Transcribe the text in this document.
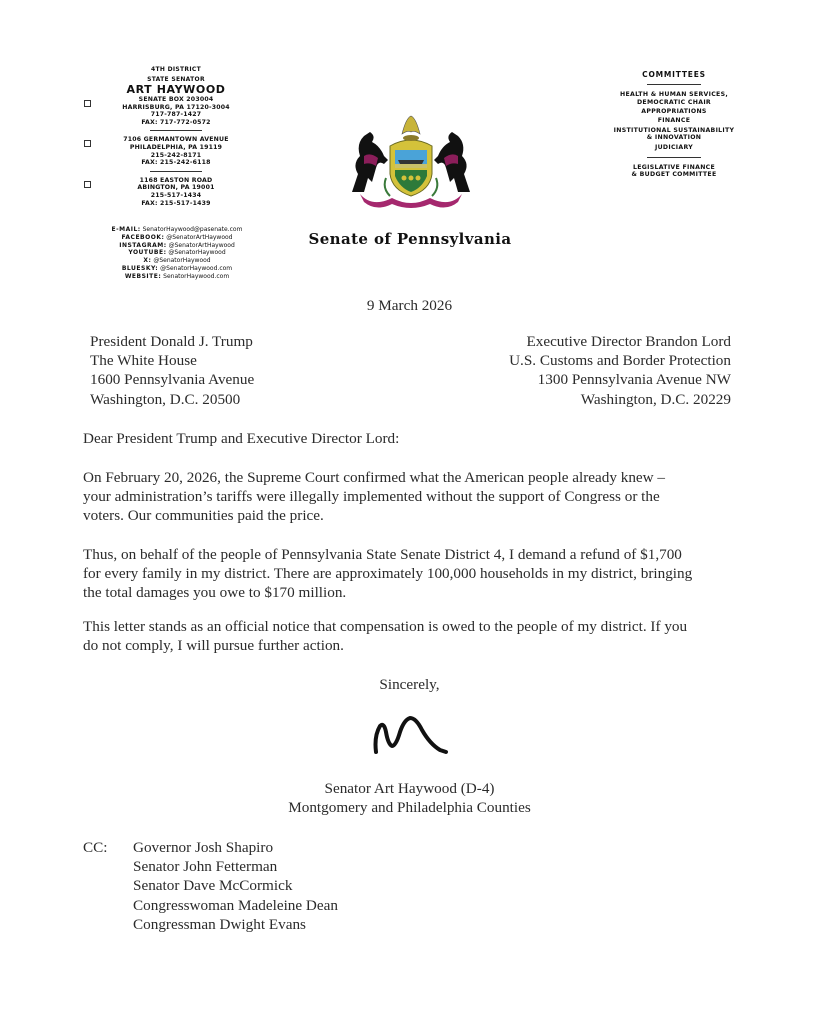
4TH DISTRICT
STATE SENATOR
ART HAYWOOD
SENATE BOX 203004
HARRISBURG, PA 17120-3004
717-787-1427
FAX: 717-772-0572
7106 GERMANTOWN AVENUE
PHILADELPHIA, PA 19119
215-242-8171
FAX: 215-242-6118
1168 EASTON ROAD
ABINGTON, PA 19001
215-517-1434
FAX: 215-517-1439
E-MAIL: SenatorHaywood@pasenate.com
FACEBOOK: @SenatorArtHaywood
INSTAGRAM: @SenatorArtHaywood
YOUTUBE: @SenatorHaywood
X: @SenatorHaywood
BLUESKY: @SenatorHaywood.com
WEBSITE: SenatorHaywood.com
COMMITTEES
HEALTH & HUMAN SERVICES,
DEMOCRATIC CHAIR
APPROPRIATIONS
FINANCE
INSTITUTIONAL SUSTAINABILITY
& INNOVATION
JUDICIARY
LEGISLATIVE FINANCE
& BUDGET COMMITTEE
Senate of Pennsylvania
9 March 2026
President Donald J. Trump
The White House
1600 Pennsylvania Avenue
Washington, D.C. 20500
Executive Director Brandon Lord
U.S. Customs and Border Protection
1300 Pennsylvania Avenue NW
Washington, D.C. 20229
Dear President Trump and Executive Director Lord:
On February 20, 2026, the Supreme Court confirmed what the American people already knew –
your administration’s tariffs were illegally implemented without the support of Congress or the
voters. Our communities paid the price.
Thus, on behalf of the people of Pennsylvania State Senate District 4, I demand a refund of $1,700
for every family in my district. There are approximately 100,000 households in my district, bringing
the total damages you owe to $170 million.
This letter stands as an official notice that compensation is owed to the people of my district. If you
do not comply, I will pursue further action.
Sincerely,
Senator Art Haywood (D-4)
Montgomery and Philadelphia Counties
CC: Governor Josh Shapiro
Senator John Fetterman
Senator Dave McCormick
Congresswoman Madeleine Dean
Congressman Dwight Evans
